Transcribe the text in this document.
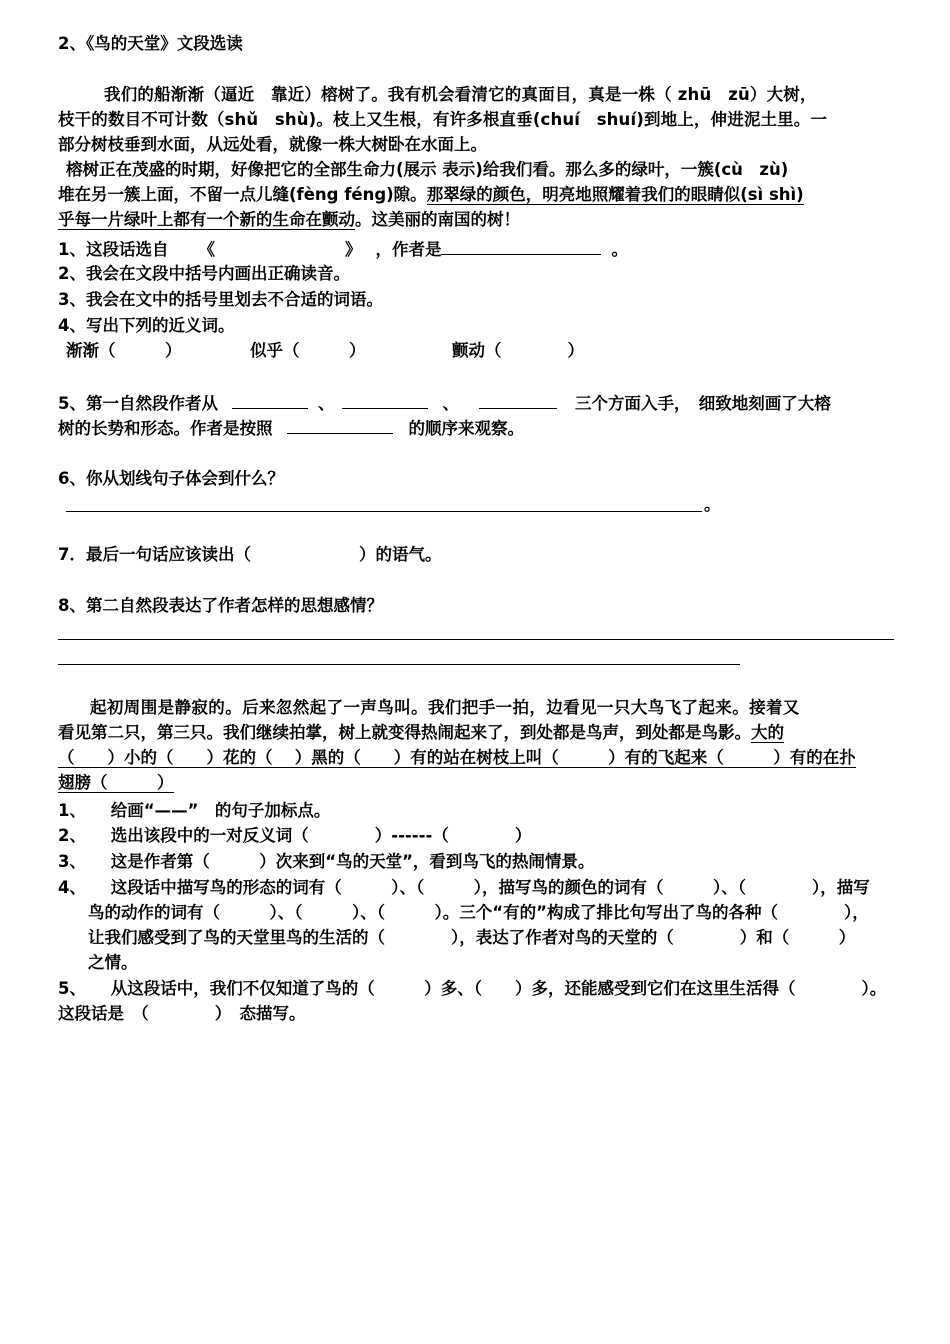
2、《鸟的天堂》文段选读
我们的船渐渐（逼近　靠近）榕树了。我有机会看清它的真面目，真是一株（ zhū　zū）大树，
枝干的数目不可计数（shǔ　shù)。枝上又生根，有许多根直垂(chuí　shuí)到地上，伸进泥土里。一
部分树枝垂到水面，从远处看，就像一株大树卧在水面上。
榕树正在茂盛的时期，好像把它的全部生命力(展示 表示)给我们看。那么多的绿叶，一簇(cù　zù)
堆在另一簇上面，不留一点儿缝(fèng féng)隙。那翠绿的颜色，明亮地照耀着我们的眼睛似(sì shì)
乎每一片绿叶上都有一个新的生命在颤动。这美丽的南国的树！
1、这段话选自 《	》 ，作者是	。
2、我会在文段中括号内画出正确读音。
3、我会在文中的括号里划去不合适的词语。
4、写出下列的近义词。
渐渐（　　　）	似乎（　　　）	颤动（　　　　）
5、第一自然段作者从	、	、	三个方面入手，　细致地刻画了大榕
树的长势和形态。作者是按照	的顺序来观察。
6、你从划线句子体会到什么？
。
7．最后一句话应该读出（	）的语气。
8、第二自然段表达了作者怎样的思想感情？
起初周围是静寂的。后来忽然起了一声鸟叫。我们把手一拍，边看见一只大鸟飞了起来。接着又
看见第二只，第三只。我们继续拍掌，树上就变得热闹起来了，到处都是鸟声，到处都是鸟影。大的
（　　）小的（　　）花的（　 ）黑的（　　）有的站在树枝上叫（　　　）有的飞起来（　　　）有的在扑
翅膀（　　　）
1、　　给画“——”　的句子加标点。
2、　　选出该段中的一对反义词（　　　　）------（　　　　）
3、　　这是作者第（　　　）次来到“鸟的天堂”，看到鸟飞的热闹情景。
4、　　这段话中描写鸟的形态的词有（　　　）、（　　　），描写鸟的颜色的词有（　　　）、（　　　　），描写
鸟的动作的词有（　　　）、（　　　）、（　　　）。三个“有的”构成了排比句写出了鸟的各种（　　　　），
让我们感受到了鸟的天堂里鸟的生活的（　　　　），表达了作者对鸟的天堂的（　　　　）和（　　　）
之情。
5、　　从这段话中，我们不仅知道了鸟的（　　　）多、（　　）多，还能感受到它们在这里生活得（　　　　）。
这段话是　（　　　　）　态描写。
